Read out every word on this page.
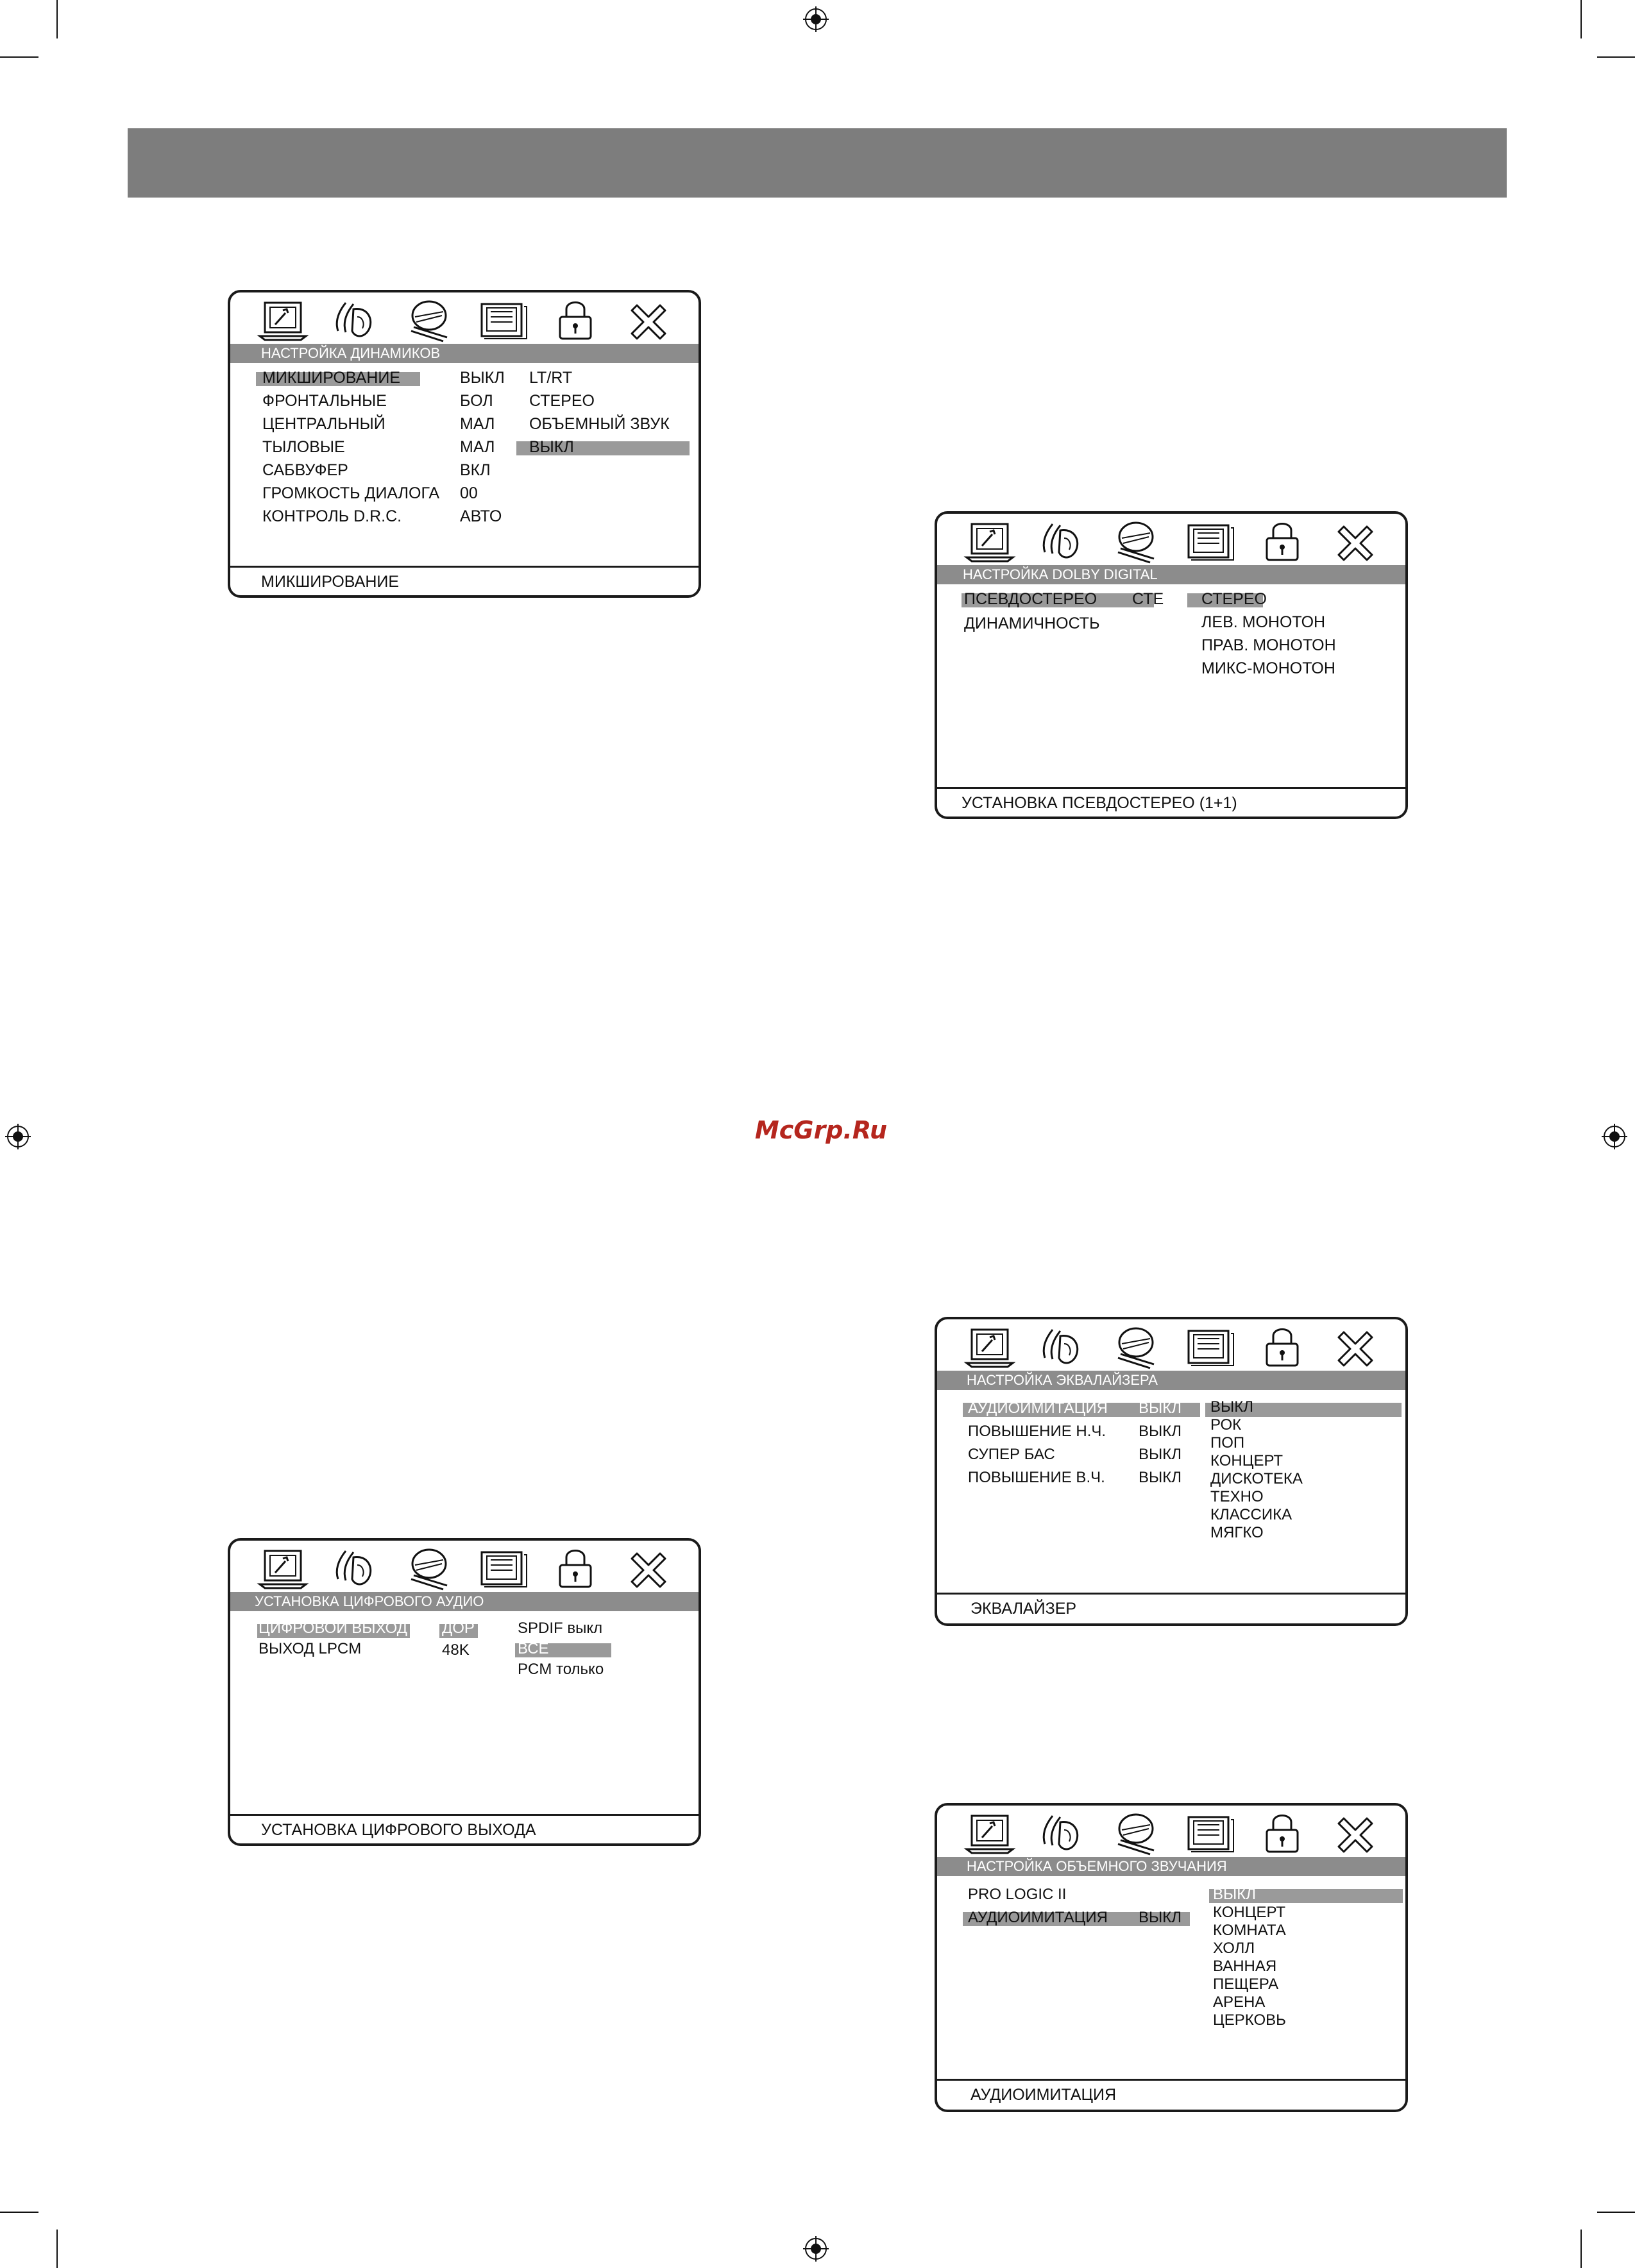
McGrp.Ru
НАСТРОЙКА ДИНАМИКОВ
МИКШИРОВАНИЕ
ФРОНТАЛЬНЫЕ
ЦЕНТРАЛЬНЫЙ
ТЫЛОВЫЕ
САБВУФЕР
ГРОМКОСТЬ ДИАЛОГА
КОНТРОЛЬ D.R.C.
ВЫКЛ
БОЛ
МАЛ
МАЛ
ВКЛ
00
АВТО
LT/RT
СТЕРЕО
ОБЪЕМНЫЙ ЗВУК
ВЫКЛ
МИКШИРОВАНИЕ	НАСТРОЙКА DOLBY DIGITAL
ПСЕВДОСТЕРЕО
ДИНАМИЧНОСТЬ
СТЕ СТЕРЕО
ЛЕВ. МОНОТОН
ПРАВ. МОНОТОН
МИКС-МОНОТОН
УСТАНОВКА ПСЕВДОСТЕРЕО (1+1)
УСТАНОВКА ЦИФРОВОГО АУДИО
ЦИФРОВОЙ ВЫХОД
ВЫХОД LPCM
ДОР
48K
SPDIF выкл
ВСЕ
PCM только
УСТАНОВКА ЦИФРОВОГО ВЫХОДА
НАСТРОЙКА ЭКВАЛАЙЗЕРА
АУДИОИМИТАЦИЯ
ПОВЫШЕНИЕ Н.Ч.
СУПЕР БАС
ПОВЫШЕНИЕ В.Ч.
ВЫКЛ
ВЫКЛ
ВЫКЛ
ВЫКЛ
ВЫКЛ
РОК
ПОП
КОНЦЕРТ
ДИСКОТЕКА
ТЕХНО
КЛАССИКА
МЯГКО
ЭКВАЛАЙЗЕР
НАСТРОЙКА ОБЪЕМНОГО ЗВУЧАНИЯ
PRO LOGIC II
АУДИОИМИТАЦИЯ ВЫКЛ
ВЫКЛ
КОНЦЕРТ
КОМНАТА
ХОЛЛ
ВАННАЯ
ПЕЩЕРА
АРЕНА
ЦЕРКОВЬ
АУДИОИМИТАЦИЯ
